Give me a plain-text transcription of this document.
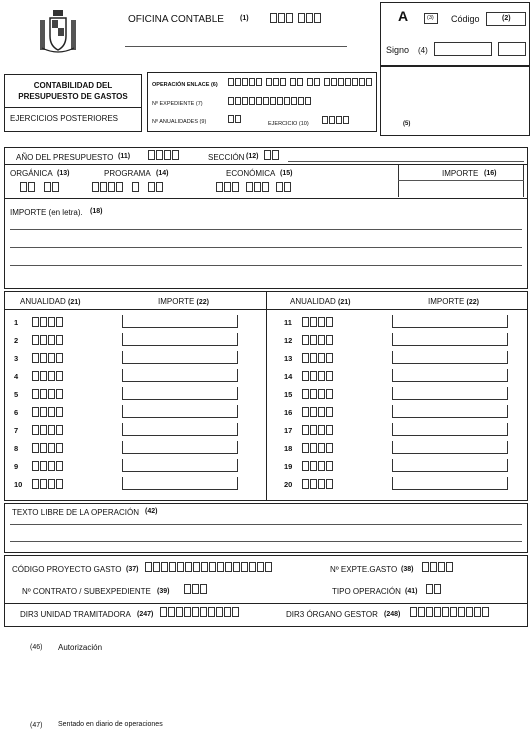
OFICINA CONTABLE (1)	A	(3) Código	(2)
Signo (4)
(5)
CONTABILIDAD DEL PRESUPUESTO DE GASTOS
EJERCICIOS POSTERIORES
OPERACIÓN ENLACE (6)
Nº EXPEDIENTE (7)
Nº ANUALIDADES (9)	EJERCICIO (10)
AÑO DEL PRESUPUESTO (11)	SECCIÓN (12)
ORGÁNICA (13)	PROGRAMA (14)	ECONÓMICA (15)	IMPORTE (16)
IMPORTE (en letra). (18)
ANUALIDAD (21)	IMPORTE (22)	ANUALIDAD (21)	IMPORTE (22)
1
2
3
4
5
6
7
8
9
10
11
12
13
14
15
16
17
18
19
20
TEXTO LIBRE DE LA OPERACIÓN (42)
CÓDIGO PROYECTO GASTO (37)	Nº EXPTE.GASTO (38)
Nº CONTRATO / SUBEXPEDIENTE (39)	TIPO OPERACIÓN (41)
DIR3 UNIDAD TRAMITADORA (247)	DIR3 ÓRGANO GESTOR (248)
(46) Autorización
(47) Sentado en diario de operaciones
